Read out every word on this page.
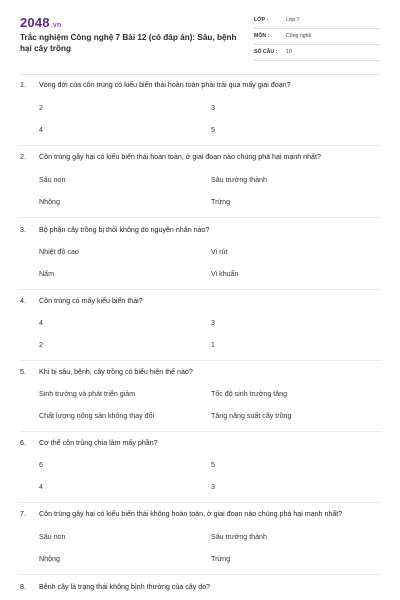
2048.vn
Trắc nghiệm Công nghệ 7 Bài 12 (có đáp án): Sâu, bệnh hại cây trồng
LỚP :	Lớp 7
MÔN :	Công nghệ
SỐ CÂU : 10
1.	Vòng đời của côn trùng có kiểu biến thái hoàn toàn phải trải qua mấy giai đoạn?
2	3
4	5
2.	Côn trùng gây hại có kiểu biến thái hoàn toàn, ở giai đoạn nào chúng phá hại mạnh nhất?
Sâu non	Sâu trưởng thành
Nhộng	Trứng
3.	Bộ phận cây trồng bị thối không do nguyên nhân nào?
Nhiệt độ cao	Vi rút
Nấm	Vi khuẩn
4.	Côn trùng có mấy kiểu biến thái?
4	3
2	1
5.	Khi bị sâu, bệnh, cây trồng có biểu hiện thế nào?
Sinh trưởng và phát triển giảm	Tốc độ sinh trưởng tăng
Chất lượng nông sản không thay đổi	Tăng năng suất cây trồng
6.	Cơ thể côn trùng chia làm mấy phần?
6	5
4	3
7.	Côn trùng gây hại có kiểu biến thái không hoàn toàn, ở giai đoạn nào chúng phá hại mạnh nhất?
Sâu non	Sâu trưởng thành
Nhộng	Trứng
8.	Bệnh cây là trạng thái không bình thường của cây do?
